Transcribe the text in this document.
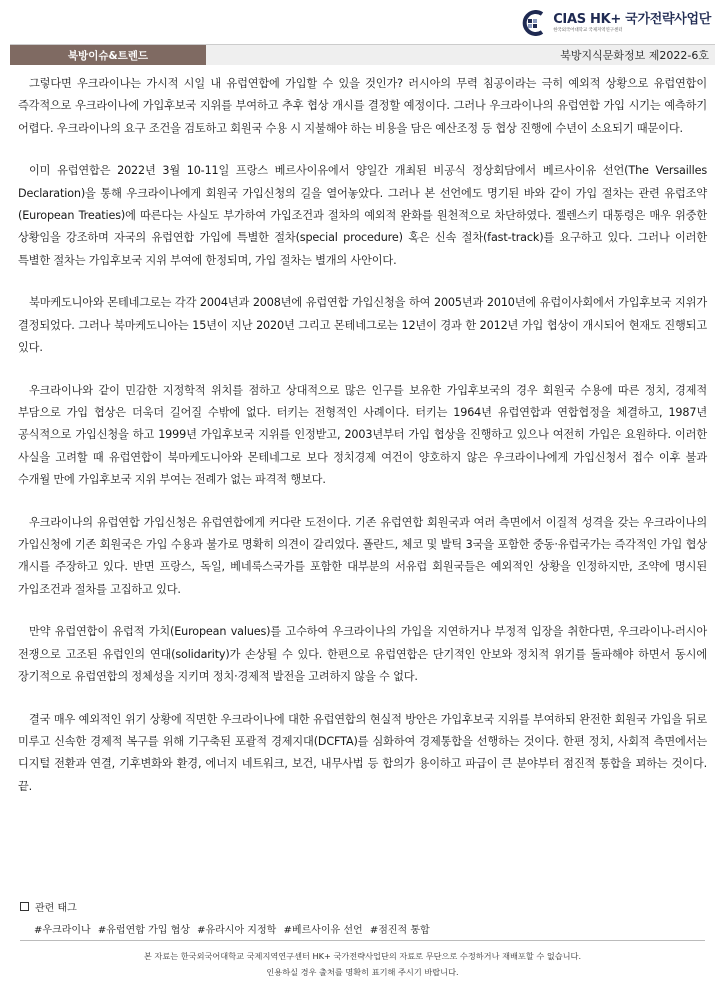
CIAS HK+ 국가전략사업단
한국외국어대학교 국제지역연구센터
북방이슈&트렌드	북방지식문화정보 제2022-6호

그렇다면 우크라이나는 가시적 시일 내 유럽연합에 가입할 수 있을 것인가? 러시아의 무력 침공이라는 극히 예외적 상황으로 유럽연합이 즉각적으로 우크라이나에 가입후보국 지위를 부여하고 추후 협상 개시를 결정할 예정이다. 그러나 우크라이나의 유럽연합 가입 시기는 예측하기 어렵다. 우크라이나의 요구 조건을 검토하고 회원국 수용 시 지불해야 하는 비용을 담은 예산조정 등 협상 진행에 수년이 소요되기 때문이다.

이미 유럽연합은 2022년 3월 10-11일 프랑스 베르사이유에서 양일간 개최된 비공식 정상회담에서 베르사이유 선언(The Versailles Declaration)을 통해 우크라이나에게 회원국 가입신청의 길을 열어놓았다. 그러나 본 선언에도 명기된 바와 같이 가입 절차는 관련 유럽조약(European Treaties)에 따른다는 사실도 부가하여 가입조건과 절차의 예외적 완화를 원천적으로 차단하였다. 젤렌스키 대통령은 매우 위중한 상황임을 강조하며 자국의 유럽연합 가입에 특별한 절차(special procedure) 혹은 신속 절차(fast-track)를 요구하고 있다. 그러나 이러한 특별한 절차는 가입후보국 지위 부여에 한정되며, 가입 절차는 별개의 사안이다.

북마케도니아와 몬테네그로는 각각 2004년과 2008년에 유럽연합 가입신청을 하여 2005년과 2010년에 유럽이사회에서 가입후보국 지위가 결정되었다. 그러나 북마케도니아는 15년이 지난 2020년 그리고 몬테네그로는 12년이 경과 한 2012년 가입 협상이 개시되어 현재도 진행되고 있다.

우크라이나와 같이 민감한 지정학적 위치를 점하고 상대적으로 많은 인구를 보유한 가입후보국의 경우 회원국 수용에 따른 정치, 경제적 부담으로 가입 협상은 더욱더 길어질 수밖에 없다. 터키는 전형적인 사례이다. 터키는 1964년 유럽연합과 연합협정을 체결하고, 1987년 공식적으로 가입신청을 하고 1999년 가입후보국 지위를 인정받고, 2003년부터 가입 협상을 진행하고 있으나 여전히 가입은 요원하다. 이러한 사실을 고려할 때 유럽연합이 북마케도니아와 몬테네그로 보다 정치경제 여건이 양호하지 않은 우크라이나에게 가입신청서 접수 이후 불과 수개월 만에 가입후보국 지위 부여는 전례가 없는 파격적 행보다.

우크라이나의 유럽연합 가입신청은 유럽연합에게 커다란 도전이다. 기존 유럽연합 회원국과 여러 측면에서 이질적 성격을 갖는 우크라이나의 가입신청에 기존 회원국은 가입 수용과 불가로 명확히 의견이 갈리었다. 폴란드, 체코 및 발틱 3국을 포함한 중동·유럽국가는 즉각적인 가입 협상 개시를 주장하고 있다. 반면 프랑스, 독일, 베네룩스국가를 포함한 대부분의 서유럽 회원국들은 예외적인 상황을 인정하지만, 조약에 명시된 가입조건과 절차를 고집하고 있다.

만약 유럽연합이 유럽적 가치(European values)를 고수하여 우크라이나의 가입을 지연하거나 부정적 입장을 취한다면, 우크라이나-러시아 전쟁으로 고조된 유럽인의 연대(solidarity)가 손상될 수 있다. 한편으로 유럽연합은 단기적인 안보와 정치적 위기를 돌파해야 하면서 동시에 장기적으로 유럽연합의 정체성을 지키며 정치·경제적 발전을 고려하지 않을 수 없다.

결국 매우 예외적인 위기 상황에 직면한 우크라이나에 대한 유럽연합의 현실적 방안은 가입후보국 지위를 부여하되 완전한 회원국 가입을 뒤로 미루고 신속한 경제적 복구를 위해 기구축된 포괄적 경제지대(DCFTA)를 심화하여 경제통합을 선행하는 것이다. 한편 정치, 사회적 측면에서는 디지털 전환과 연결, 기후변화와 환경, 에너지 네트워크, 보건, 내무사법 등 합의가 용이하고 파급이 큰 분야부터 점진적 통합을 꾀하는 것이다. 끝.

관련 태그
#우크라이나 #유럽연합 가입 협상 #유라시아 지정학 #베르사이유 선언 #점진적 통합
본 자료는 한국외국어대학교 국제지역연구센터 HK+ 국가전략사업단의 자료로 무단으로 수정하거나 재배포할 수 없습니다.
인용하실 경우 출처를 명확히 표기해 주시기 바랍니다.
